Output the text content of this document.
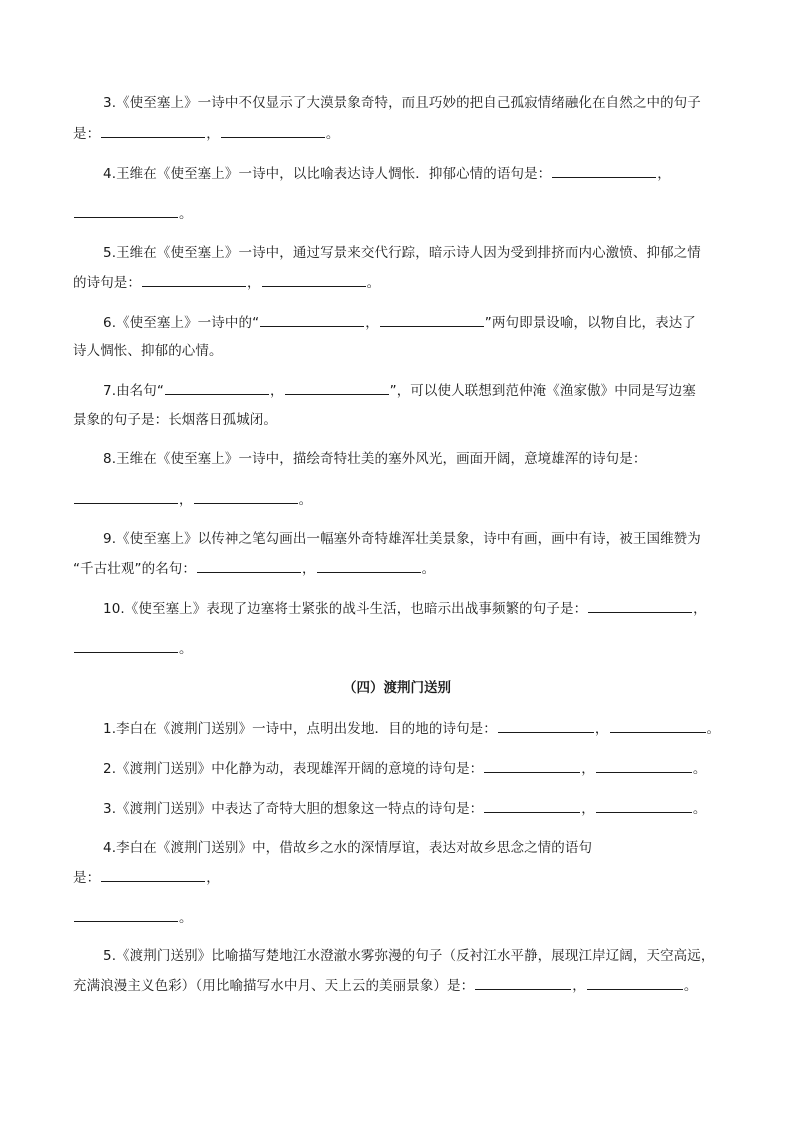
3.《使至塞上》一诗中不仅显示了大漠景象奇特，而且巧妙的把自己孤寂情绪融化在自然之中的句子
是：	，	。
4.王维在《使至塞上》一诗中，以比喻表达诗人惆怅．抑郁心情的语句是：	，
。
5.王维在《使至塞上》一诗中，通过写景来交代行踪，暗示诗人因为受到排挤而内心激愤、抑郁之情
的诗句是：	，	。
6.《使至塞上》一诗中的“	，	”两句即景设喻，以物自比，表达了
诗人惆怅、抑郁的心情。
7.由名句“	，	”，可以使人联想到范仲淹《渔家傲》中同是写边塞
景象的句子是：长烟落日孤城闭。
8.王维在《使至塞上》一诗中，描绘奇特壮美的塞外风光，画面开阔，意境雄浑的诗句是：
，	。
9.《使至塞上》以传神之笔勾画出一幅塞外奇特雄浑壮美景象，诗中有画，画中有诗，被王国维赞为
“千古壮观”的名句：	，	。
10.《使至塞上》表现了边塞将士紧张的战斗生活，也暗示出战事频繁的句子是：	，
。
（四）渡荆门送别
1.李白在《渡荆门送别》一诗中，点明出发地．目的地的诗句是：	，	。
2.《渡荆门送别》中化静为动，表现雄浑开阔的意境的诗句是：	，	。
3.《渡荆门送别》中表达了奇特大胆的想象这一特点的诗句是：	，	。
4.李白在《渡荆门送别》中，借故乡之水的深情厚谊，表达对故乡思念之情的语句
是：	，
。
5.《渡荆门送别》比喻描写楚地江水澄澈水雾弥漫的句子（反衬江水平静，展现江岸辽阔，天空高远，
充满浪漫主义色彩）（用比喻描写水中月、天上云的美丽景象）是：	，	。
